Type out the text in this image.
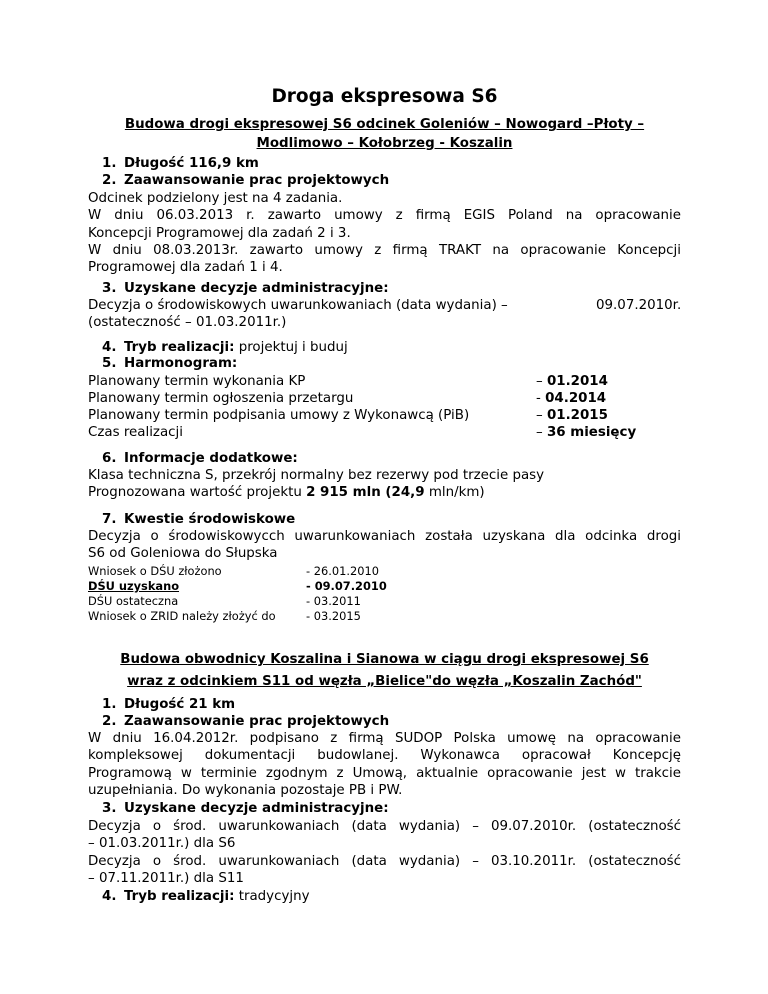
Droga ekspresowa S6
Budowa drogi ekspresowej S6 odcinek Goleniów – Nowogard –Płoty –
Modlimowo – Kołobrzeg - Koszalin
1. Długość 116,9 km
2. Zaawansowanie prac projektowych
Odcinek podzielony jest na 4 zadania.
W dniu 06.03.2013 r. zawarto umowy z firmą EGIS Poland na opracowanie
Koncepcji Programowej dla zadań 2 i 3.
W dniu 08.03.2013r. zawarto umowy z firmą TRAKT na opracowanie Koncepcji
Programowej dla zadań 1 i 4.
3. Uzyskane decyzje administracyjne:
Decyzja o środowiskowych uwarunkowaniach (data wydania) –	09.07.2010r.
(ostateczność – 01.03.2011r.)
4. Tryb realizacji: projektuj i buduj
5. Harmonogram:
Planowany termin wykonania KP	– 01.2014
Planowany termin ogłoszenia przetargu	- 04.2014
Planowany termin podpisania umowy z Wykonawcą (PiB)	– 01.2015
Czas realizacji	– 36 miesięcy
6. Informacje dodatkowe:
Klasa techniczna S, przekrój normalny bez rezerwy pod trzecie pasy
Prognozowana wartość projektu 2 915 mln (24,9 mln/km)
7. Kwestie środowiskowe
Decyzja o środowiskowycch uwarunkowaniach została uzyskana dla odcinka drogi
S6 od Goleniowa do Słupska
Wniosek o DŚU złożono	- 26.01.2010
DŚU uzyskano	- 09.07.2010
DŚU ostateczna	- 03.2011
Wniosek o ZRID należy złożyć do	- 03.2015
Budowa obwodnicy Koszalina i Sianowa w ciągu drogi ekspresowej S6
wraz z odcinkiem S11 od węzła „Bielice"do węzła „Koszalin Zachód"
1. Długość 21 km
2. Zaawansowanie prac projektowych
W dniu 16.04.2012r. podpisano z firmą SUDOP Polska umowę na opracowanie
kompleksowej dokumentacji budowlanej. Wykonawca opracował Koncepcję
Programową w terminie zgodnym z Umową, aktualnie opracowanie jest w trakcie
uzupełniania. Do wykonania pozostaje PB i PW.
3. Uzyskane decyzje administracyjne:
Decyzja o środ. uwarunkowaniach (data wydania) – 09.07.2010r. (ostateczność
– 01.03.2011r.) dla S6
Decyzja o środ. uwarunkowaniach (data wydania) – 03.10.2011r. (ostateczność
– 07.11.2011r.) dla S11
4. Tryb realizacji: tradycyjny
